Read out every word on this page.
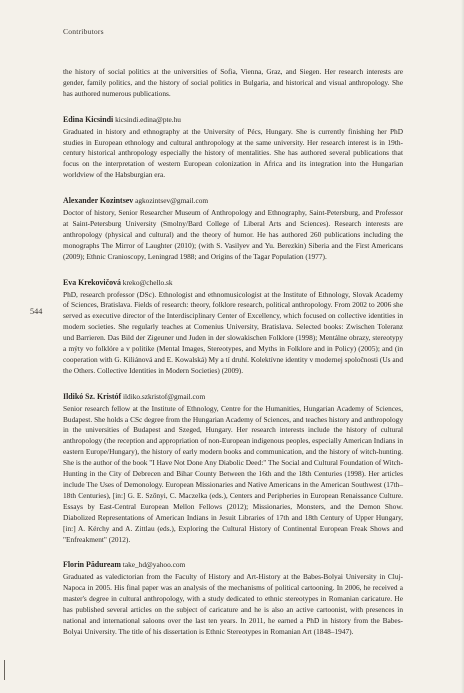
Contributors
544

the history of social politics at the universities of Sofia, Vienna, Graz, and Siegen. Her research interests are gender, family politics, and the history of social politics in Bulgaria, and historical and visual anthropology. She has authored numerous publications.

Edina Kicsindi kicsindi.edina@pte.hu

Graduated in history and ethnography at the University of Pécs, Hungary. She is currently finishing her PhD studies in European ethnology and cultural anthropology at the same university. Her research interest is in 19th-century historical anthropology especially the history of mentalities. She has authored several publications that focus on the interpretation of western European colonization in Africa and its integration into the Hungarian worldview of the Habsburgian era.

Alexander Kozintsev agkozintsev@gmail.com

Doctor of history, Senior Researcher Museum of Anthropology and Ethnography, Saint-Petersburg, and Professor at Saint-Petersburg University (Smolny/Bard College of Liberal Arts and Sciences). Research interests are anthropology (physical and cultural) and the theory of humor. He has authored 260 publications including the monographs The Mirror of Laughter (2010); (with S. Vasilyev and Yu. Berezkin) Siberia and the First Americans (2009); Ethnic Cranioscopy, Leningrad 1988; and Origins of the Tagar Population (1977).

Eva Krekovičová kreko@chello.sk

PhD, research professor (DSc). Ethnologist and ethnomusicologist at the Institute of Ethnology, Slovak Academy of Sciences, Bratislava. Fields of research: theory, folklore research, political anthropology. From 2002 to 2006 she served as executive director of the Interdisciplinary Center of Excellency, which focused on collective identities in modern societies. She regularly teaches at Comenius University, Bratislava. Selected books: Zwischen Toleranz und Barrieren. Das Bild der Zigeuner und Juden in der slowakischen Folklore (1998); Mentálne obrazy, stereotypy a mýty vo folklóre a v politike (Mental Images, Stereotypes, and Myths in Folklore and in Policy) (2005); and (in cooperation with G. Kiliánová and E. Kowalská) My a tí druhí. Kolektívne identity v modernej spoločnosti (Us and the Others. Collective Identities in Modern Societies) (2009).

Ildikó Sz. Kristóf ildiko.szkristof@gmail.com

Senior research fellow at the Institute of Ethnology, Centre for the Humanities, Hungarian Academy of Sciences, Budapest. She holds a CSc degree from the Hungarian Academy of Sciences, and teaches history and anthropology in the universities of Budapest and Szeged, Hungary. Her research interests include the history of cultural anthropology (the reception and appropriation of non-European indigenous peoples, especially American Indians in eastern Europe/Hungary), the history of early modern books and communication, and the history of witch-hunting. She is the author of the book "I Have Not Done Any Diabolic Deed:" The Social and Cultural Foundation of Witch-Hunting in the City of Debrecen and Bihar County Between the 16th and the 18th Centuries (1998). Her articles include The Uses of Demonology. European Missionaries and Native Americans in the American Southwest (17th–18th Centuries), [in:] G. E. Szőnyi, C. Maczelka (eds.), Centers and Peripheries in European Renaissance Culture. Essays by East-Central European Mellon Fellows (2012); Missionaries, Monsters, and the Demon Show. Diabolized Representations of American Indians in Jesuit Libraries of 17th and 18th Century of Upper Hungary, [in:] A. Kérchy and A. Zittlau (eds.), Exploring the Cultural History of Continental European Freak Shows and "Enfreakment" (2012).

Florin Păduream take_hd@yahoo.com

Graduated as valedictorian from the Faculty of History and Art-History at the Babes-Bolyai University in Cluj-Napoca in 2005. His final paper was an analysis of the mechanisms of political cartooning. In 2006, he received a master's degree in cultural anthropology, with a study dedicated to ethnic stereotypes in Romanian caricature. He has published several articles on the subject of caricature and he is also an active cartoonist, with presences in national and international saloons over the last ten years. In 2011, he earned a PhD in history from the Babes-Bolyai University. The title of his dissertation is Ethnic Stereotypes in Romanian Art (1848–1947).
